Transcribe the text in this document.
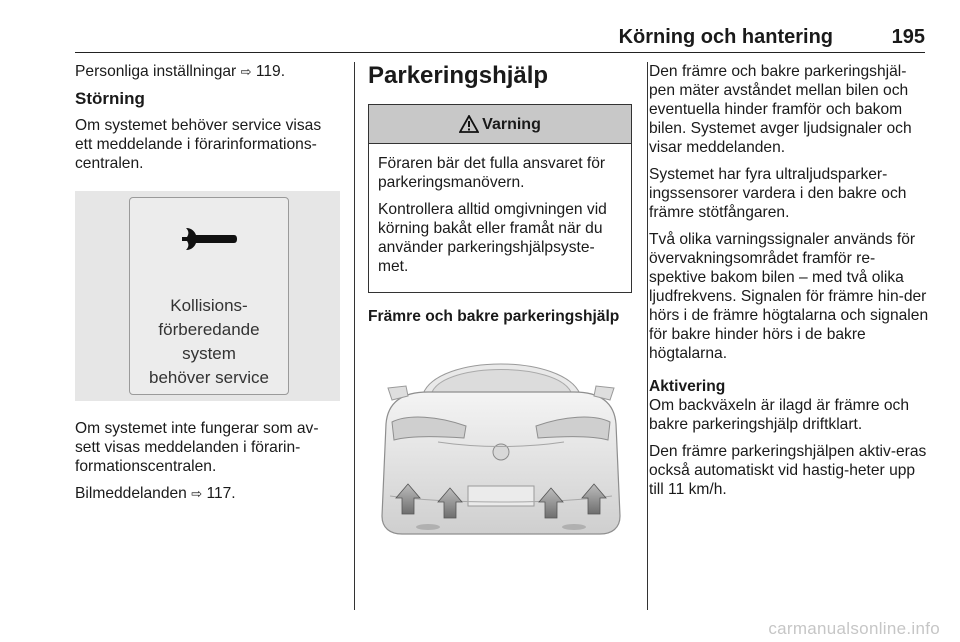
Körning och hantering	195

Personliga inställningar ⇨ 119.

Störning

Om systemet behöver service visas ett meddelande i förarinformations-centralen.

Kollisions-
förberedande
system
behöver service

Om systemet inte fungerar som av-sett visas meddelanden i förarin-formationscentralen.

Bilmeddelanden ⇨ 117.

Parkeringshjälp
Varning

Föraren bär det fulla ansvaret för parkeringsmanövern.

Kontrollera alltid omgivningen vid körning bakåt eller framåt när du använder parkeringshjälpsyste-met.

Främre och bakre parkeringshjälp

Den främre och bakre parkeringshjäl-pen mäter avståndet mellan bilen och eventuella hinder framför och bakom bilen. Systemet avger ljudsignaler och visar meddelanden.

Systemet har fyra ultraljudsparker-ingssensorer vardera i den bakre och främre stötfångaren.

Två olika varningssignaler används för övervakningsområdet framför re-spektive bakom bilen – med två olika ljudfrekvens. Signalen för främre hin-der hörs i de främre högtalarna och signalen för bakre hinder hörs i de bakre högtalarna.

Aktivering

Om backväxeln är ilagd är främre och bakre parkeringshjälp driftklart.

Den främre parkeringshjälpen aktiv-eras också automatiskt vid hastig-heter upp till 11 km/h.

carmanualsonline.info
